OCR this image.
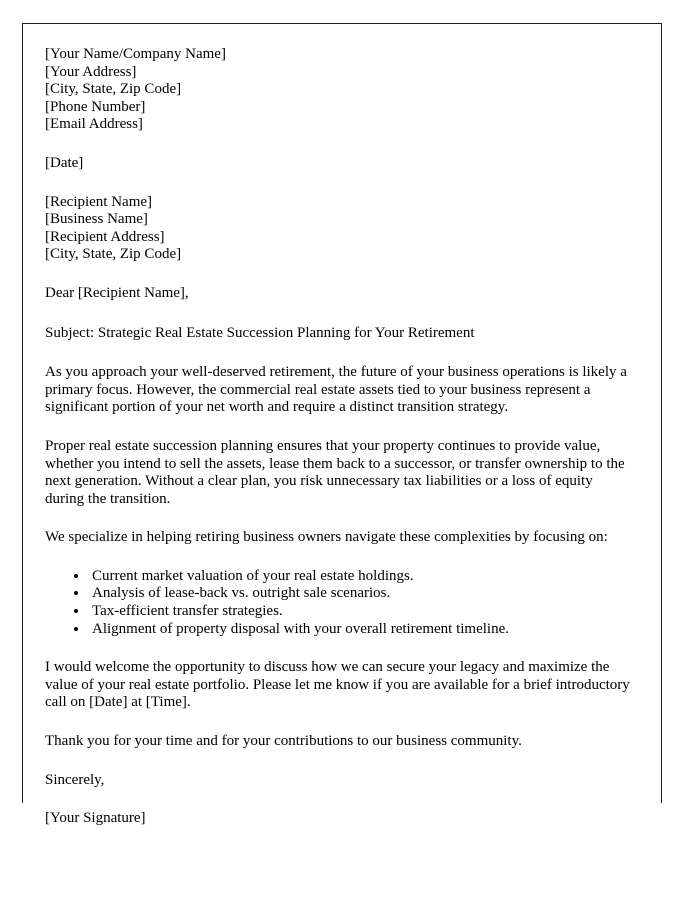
[Your Name/Company Name]
[Your Address]
[City, State, Zip Code]
[Phone Number]
[Email Address]
[Date]
[Recipient Name]
[Business Name]
[Recipient Address]
[City, State, Zip Code]
Dear [Recipient Name],
Subject: Strategic Real Estate Succession Planning for Your Retirement

As you approach your well-deserved retirement, the future of your business operations is likely a primary focus. However, the commercial real estate assets tied to your business represent a significant portion of your net worth and require a distinct transition strategy.

Proper real estate succession planning ensures that your property continues to provide value, whether you intend to sell the assets, lease them back to a successor, or transfer ownership to the next generation. Without a clear plan, you risk unnecessary tax liabilities or a loss of equity during the transition.

We specialize in helping retiring business owners navigate these complexities by focusing on:

• Current market valuation of your real estate holdings.
• Analysis of lease-back vs. outright sale scenarios.
• Tax-efficient transfer strategies.
• Alignment of property disposal with your overall retirement timeline.

I would welcome the opportunity to discuss how we can secure your legacy and maximize the value of your real estate portfolio. Please let me know if you are available for a brief introductory call on [Date] at [Time].

Thank you for your time and for your contributions to our business community.

Sincerely,
[Your Signature]
